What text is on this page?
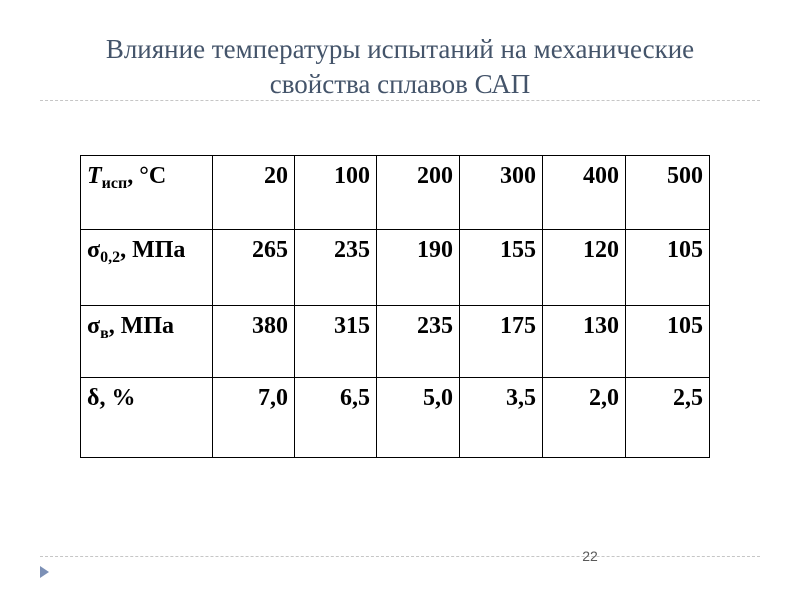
Влияние температуры испытаний на механические
свойства сплавов САП
$T_{исп}$, °C	20	100	200	300	400	500

$\sigma_{0,2}$, МПа	265	235	190	155	120	105

$\sigma_в$, МПа	380	315	235	175	130	105

δ, %	7,0	6,5	5,0	3,5	2,0	2,5
22
